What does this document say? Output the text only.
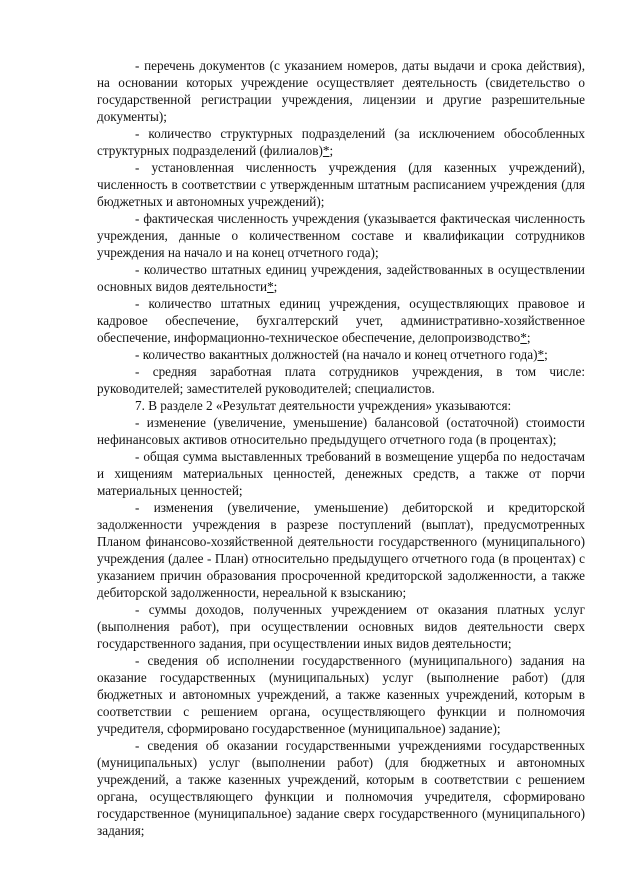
- перечень документов (с указанием номеров, даты выдачи и срока действия), на основании которых учреждение осуществляет деятельность (свидетельство о государственной регистрации учреждения, лицензии и другие разрешительные документы);

- количество структурных подразделений (за исключением обособленных структурных подразделений (филиалов)*;

- установленная численность учреждения (для казенных учреждений), численность в соответствии с утвержденным штатным расписанием учреждения (для бюджетных и автономных учреждений);

- фактическая численность учреждения (указывается фактическая численность учреждения, данные о количественном составе и квалификации сотрудников учреждения на начало и на конец отчетного года);

- количество штатных единиц учреждения, задействованных в осуществлении основных видов деятельности*;

- количество штатных единиц учреждения, осуществляющих правовое и кадровое обеспечение, бухгалтерский учет, административно-хозяйственное обеспечение, информационно-техническое обеспечение, делопроизводство*;

- количество вакантных должностей (на начало и конец отчетного года)*;

- средняя заработная плата сотрудников учреждения, в том числе: руководителей; заместителей руководителей; специалистов.

7. В разделе 2 «Результат деятельности учреждения» указываются:

- изменение (увеличение, уменьшение) балансовой (остаточной) стоимости нефинансовых активов относительно предыдущего отчетного года (в процентах);

- общая сумма выставленных требований в возмещение ущерба по недостачам и хищениям материальных ценностей, денежных средств, а также от порчи материальных ценностей;

- изменения (увеличение, уменьшение) дебиторской и кредиторской задолженности учреждения в разрезе поступлений (выплат), предусмотренных Планом финансово-хозяйственной деятельности государственного (муниципального) учреждения (далее - План) относительно предыдущего отчетного года (в процентах) с указанием причин образования просроченной кредиторской задолженности, а также дебиторской задолженности, нереальной к взысканию;

- суммы доходов, полученных учреждением от оказания платных услуг (выполнения работ), при осуществлении основных видов деятельности сверх государственного задания, при осуществлении иных видов деятельности;

- сведения об исполнении государственного (муниципального) задания на оказание государственных (муниципальных) услуг (выполнение работ) (для бюджетных и автономных учреждений, а также казенных учреждений, которым в соответствии с решением органа, осуществляющего функции и полномочия учредителя, сформировано государственное (муниципальное) задание);

- сведения об оказании государственными учреждениями государственных (муниципальных) услуг (выполнении работ) (для бюджетных и автономных учреждений, а также казенных учреждений, которым в соответствии с решением органа, осуществляющего функции и полномочия учредителя, сформировано государственное (муниципальное) задание сверх государственного (муниципального) задания;
